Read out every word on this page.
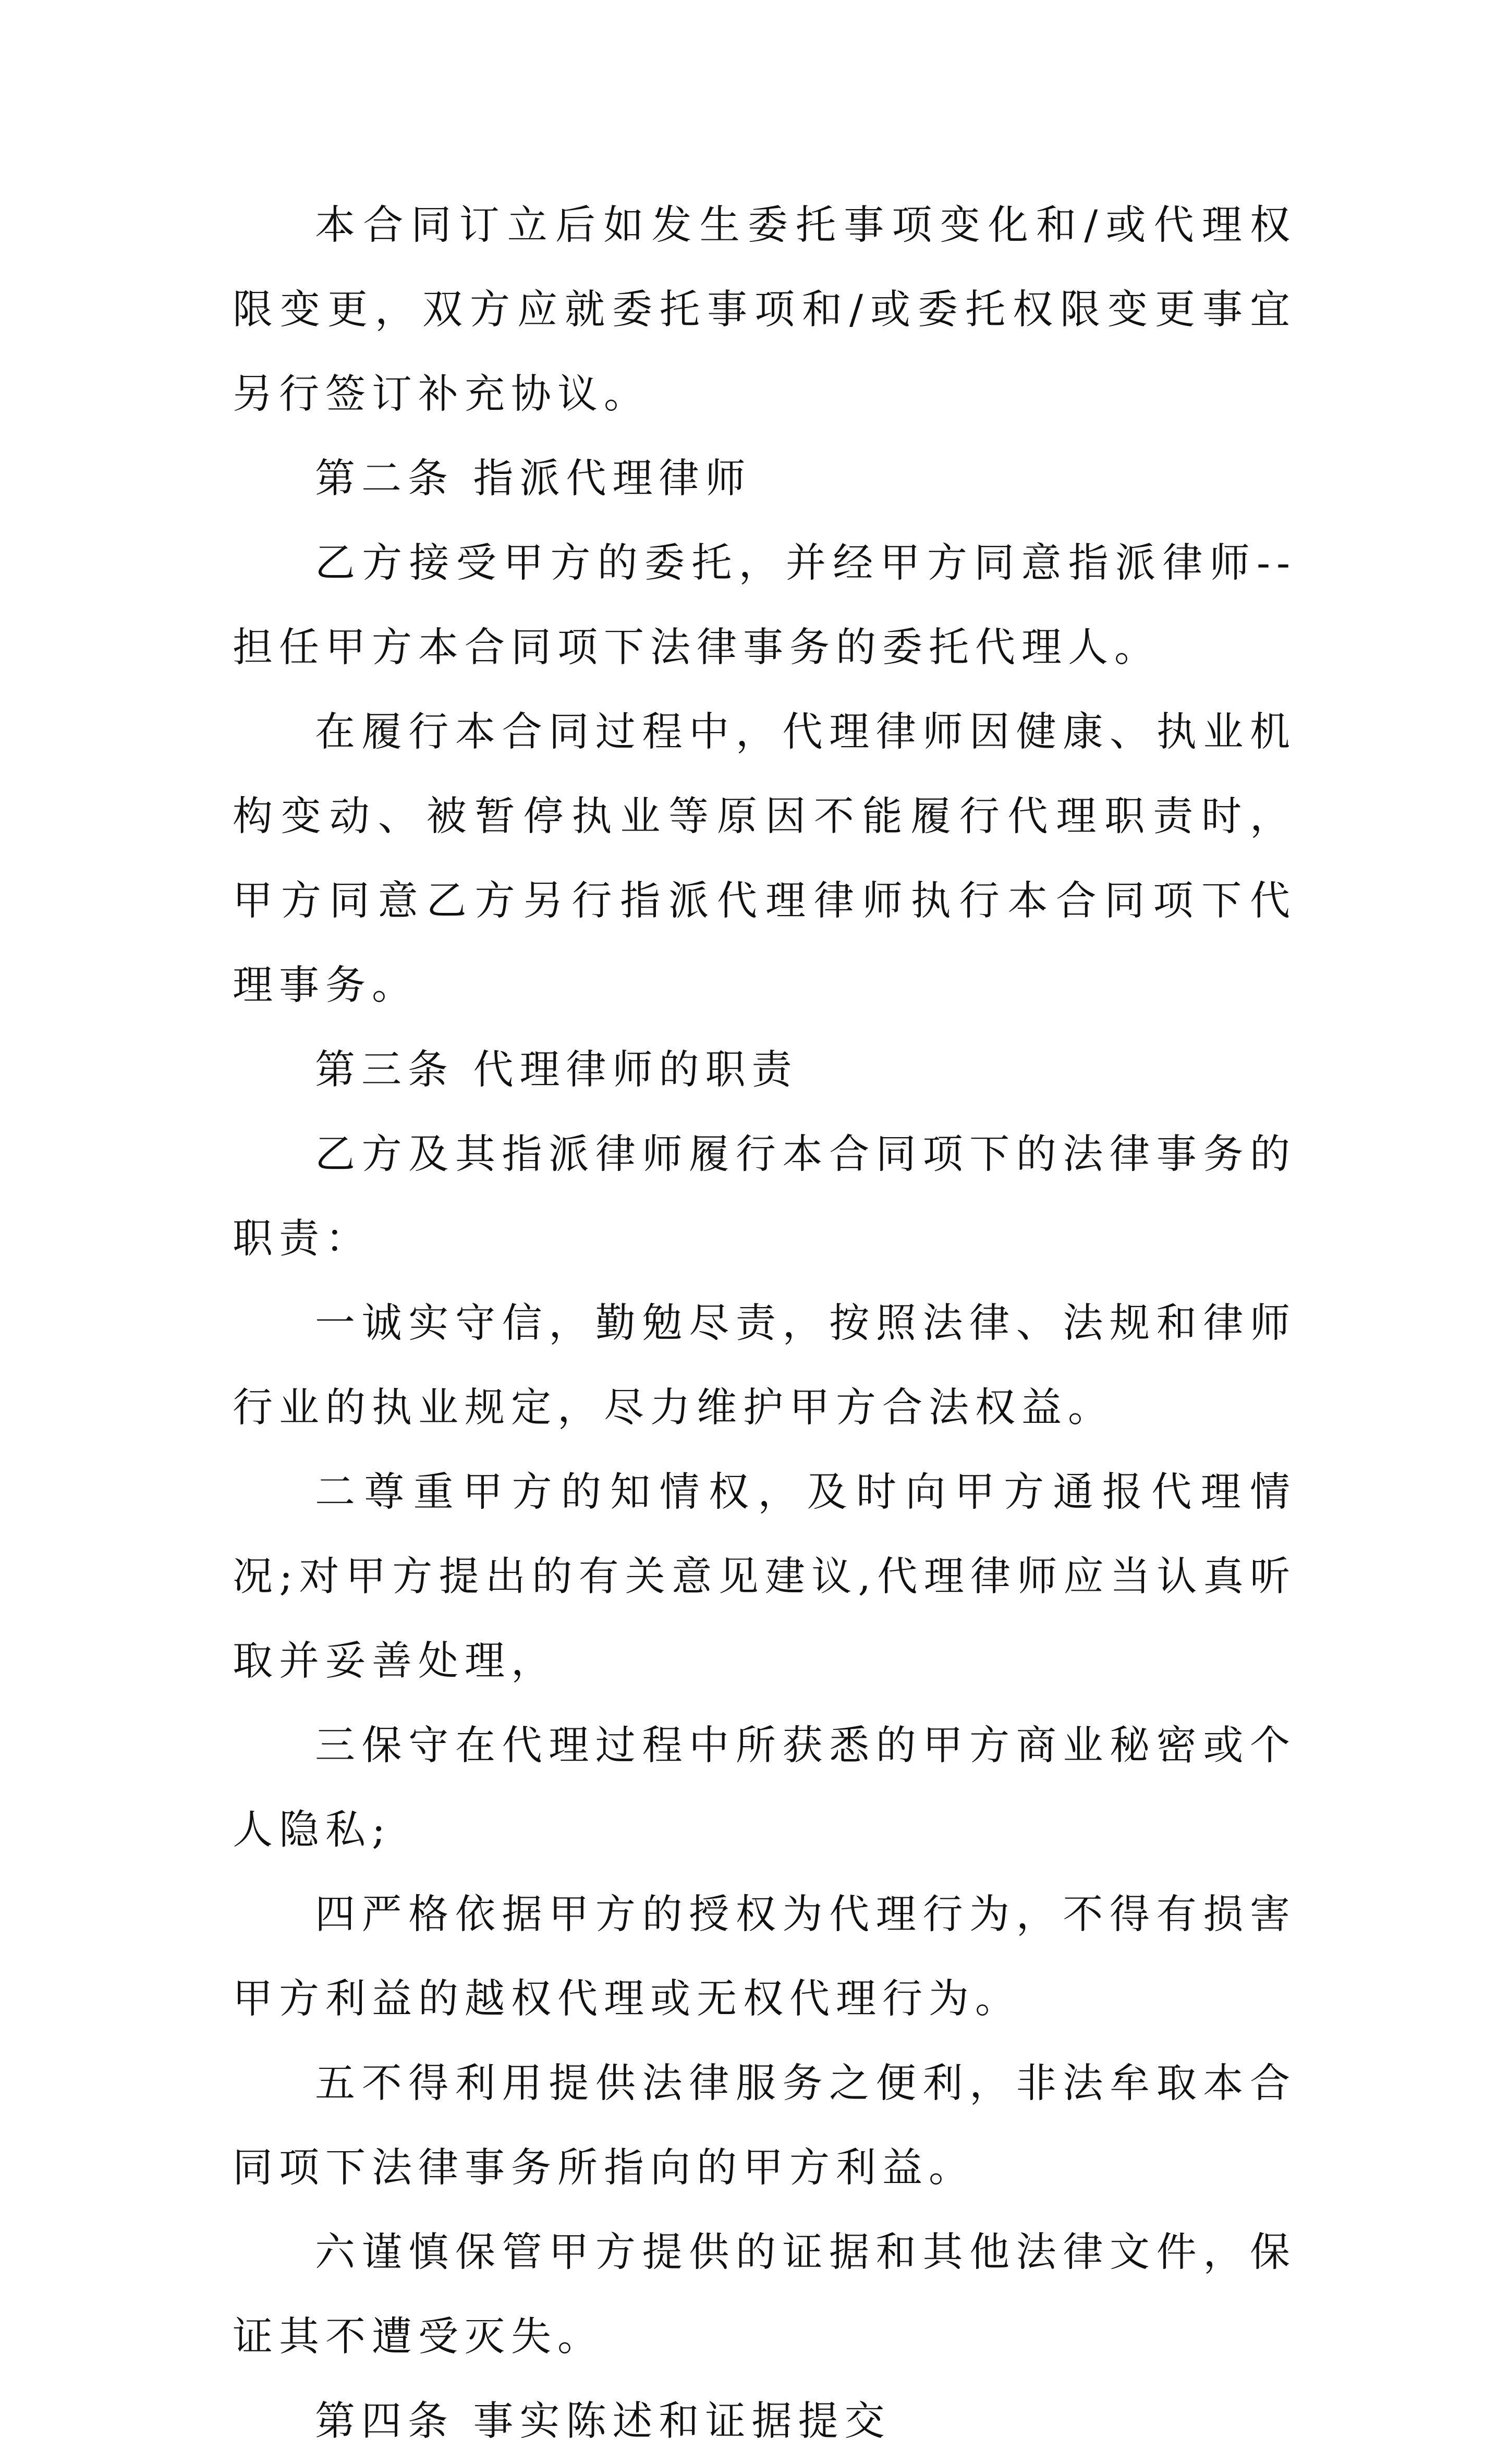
本合同订立后如发生委托事项变化和/或代理权限变更，双方应就委托事项和/或委托权限变更事宜另行签订补充协议。

第二条 指派代理律师

乙方接受甲方的委托，并经甲方同意指派律师--担任甲方本合同项下法律事务的委托代理人。

在履行本合同过程中，代理律师因健康、执业机构变动、被暂停执业等原因不能履行代理职责时，甲方同意乙方另行指派代理律师执行本合同项下代理事务。

第三条 代理律师的职责

乙方及其指派律师履行本合同项下的法律事务的职责：

一诚实守信，勤勉尽责，按照法律、法规和律师行业的执业规定，尽力维护甲方合法权益。

二尊重甲方的知情权，及时向甲方通报代理情况;对甲方提出的有关意见建议,代理律师应当认真听取并妥善处理，

三保守在代理过程中所获悉的甲方商业秘密或个人隐私;

四严格依据甲方的授权为代理行为，不得有损害甲方利益的越权代理或无权代理行为。

五不得利用提供法律服务之便利，非法牟取本合同项下法律事务所指向的甲方利益。

六谨慎保管甲方提供的证据和其他法律文件，保证其不遭受灭失。

第四条 事实陈述和证据提交
